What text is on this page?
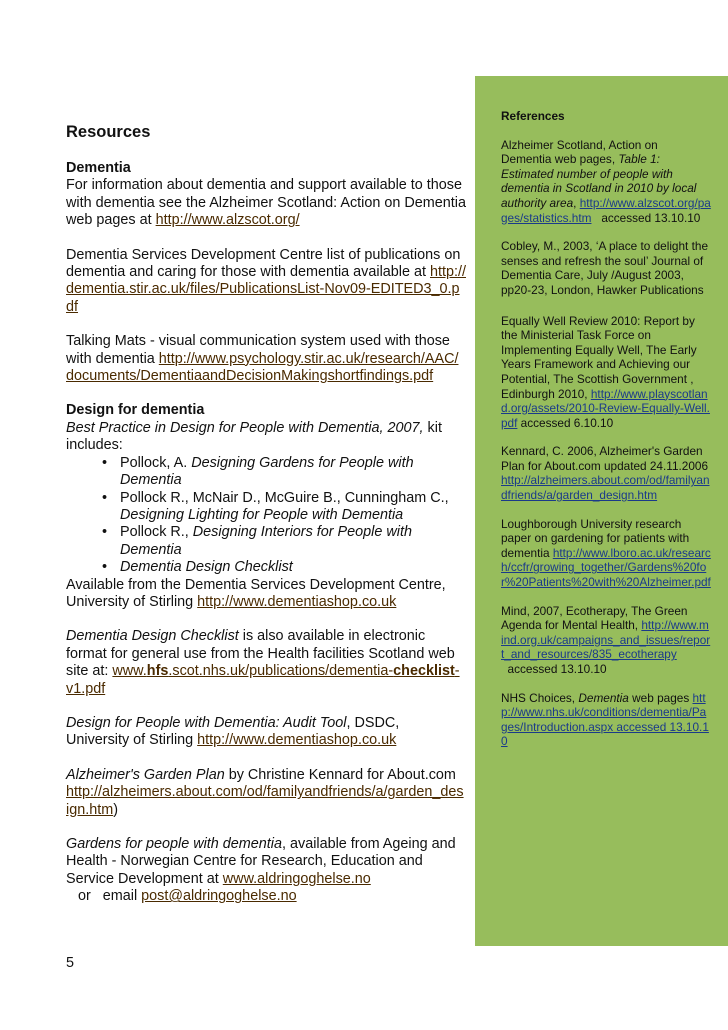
Resources

Dementia
For information about dementia and support available to those with dementia see the Alzheimer Scotland: Action on Dementia web pages at http://www.alzscot.org/

Dementia Services Development Centre list of publications on dementia and caring for those with dementia available at http://dementia.stir.ac.uk/files/PublicationsList-Nov09-EDITED3_0.pdf

Talking Mats - visual communication system used with those with dementia http://www.psychology.stir.ac.uk/research/AAC/documents/DementiaandDecisionMakingshortfindings.pdf

Design for dementia
Best Practice in Design for People with Dementia, 2007, kit includes:

• Pollock, A. Designing Gardens for People with Dementia
• Pollock R., McNair D., McGuire B., Cunningham C., Designing Lighting for People with Dementia
• Pollock R., Designing Interiors for People with Dementia
• Dementia Design Checklist

Available from the Dementia Services Development Centre, University of Stirling http://www.dementiashop.co.uk

Dementia Design Checklist is also available in electronic format for general use from the Health facilities Scotland web site at: www.hfs.scot.nhs.uk/publications/dementia-checklist-v1.pdf

Design for People with Dementia: Audit Tool, DSDC, University of Stirling http://www.dementiashop.co.uk

Alzheimer's Garden Plan by Christine Kennard for About.com http://alzheimers.about.com/od/familyandfriends/a/garden_design.htm)

Gardens for people with dementia, available from Ageing and Health - Norwegian Centre for Research, Education and Service Development at www.aldringoghelse.no   or   email post@aldringoghelse.no

5

References

Alzheimer Scotland, Action on Dementia web pages, Table 1: Estimated number of people with dementia in Scotland in 2010 by local authority area, http://www.alzscot.org/pages/statistics.htm   accessed 13.10.10

Cobley, M., 2003, ‘A place to delight the senses and refresh the soul’ Journal of Dementia Care, July /August 2003, pp20-23, London, Hawker Publications

Equally Well Review 2010: Report by the Ministerial Task Force on Implementing Equally Well, The Early Years Framework and Achieving our Potential, The Scottish Government , Edinburgh 2010, http://www.playscotland.org/assets/2010-Review-Equally-Well.pdf accessed 6.10.10

Kennard, C. 2006, Alzheimer's Garden Plan for About.com updated 24.11.2006 http://alzheimers.about.com/od/familyandfriends/a/garden_design.htm

Loughborough University research paper on gardening for patients with dementia http://www.lboro.ac.uk/research/ccfr/growing_together/Gardens%20for%20Patients%20with%20Alzheimer.pdf

Mind, 2007, Ecotherapy, The Green Agenda for Mental Health, http://www.mind.org.uk/campaigns_and_issues/report_and_resources/835_ecotherapy  accessed 13.10.10

NHS Choices, Dementia web pages http://www.nhs.uk/conditions/dementia/Pages/Introduction.aspx accessed 13.10.10
